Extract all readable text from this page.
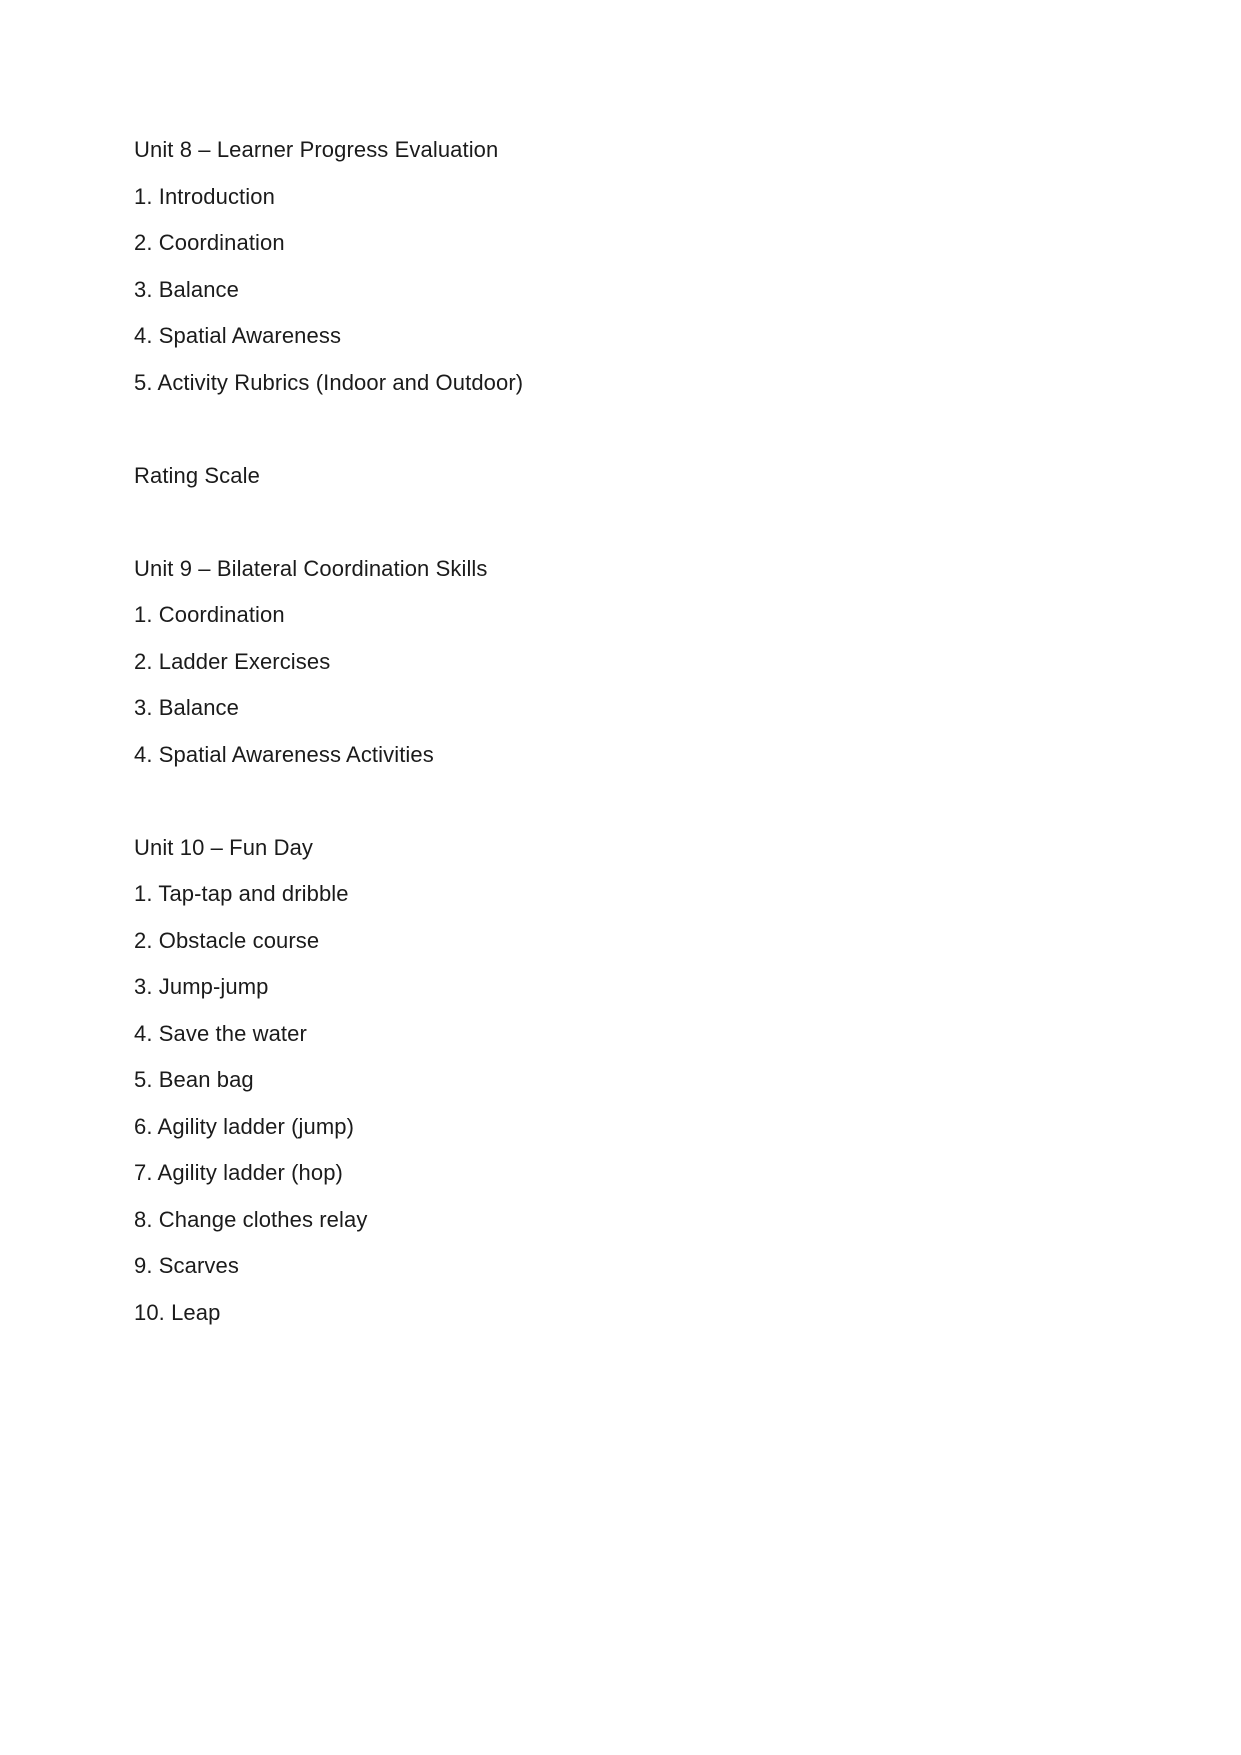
Unit 8 – Learner Progress Evaluation

1. Introduction

2. Coordination

3. Balance

4. Spatial Awareness

5. Activity Rubrics (Indoor and Outdoor)

Rating Scale

Unit 9 – Bilateral Coordination Skills

1. Coordination

2. Ladder Exercises

3. Balance

4. Spatial Awareness Activities

Unit 10 – Fun Day

1. Tap-tap and dribble

2. Obstacle course

3. Jump-jump

4. Save the water

5. Bean bag

6. Agility ladder (jump)

7. Agility ladder (hop)

8. Change clothes relay

9. Scarves

10. Leap
